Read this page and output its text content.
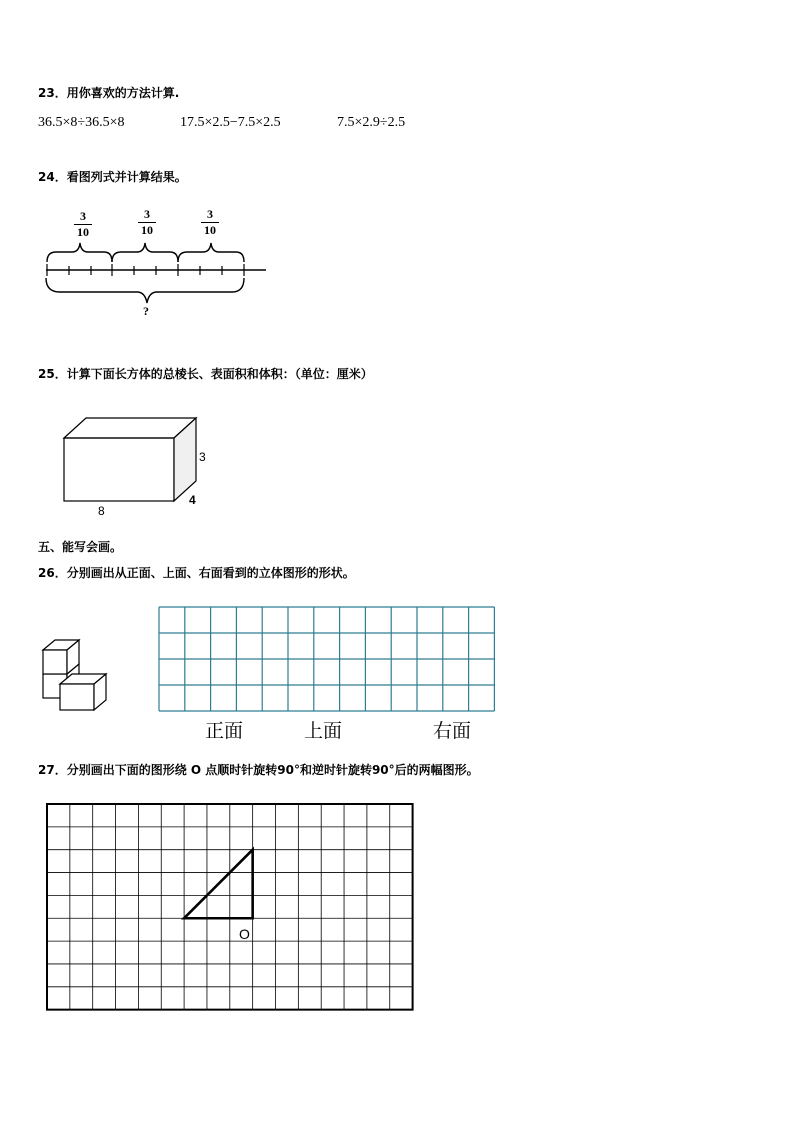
23．用你喜欢的方法计算.
36.5×8÷36.5×8	17.5×2.5−7.5×2.5	7.5×2.9÷2.5
24．看图列式并计算结果。
3
10
3
10
3
10
?
25．计算下面长方体的总棱长、表面积和体积：（单位：厘米）
8
3
4
五、能写会画。
26．分别画出从正面、上面、右面看到的立体图形的形状。
正面	上面	右面
27．分别画出下面的图形绕 O 点顺时针旋转90°和逆时针旋转90°后的两幅图形。
O
